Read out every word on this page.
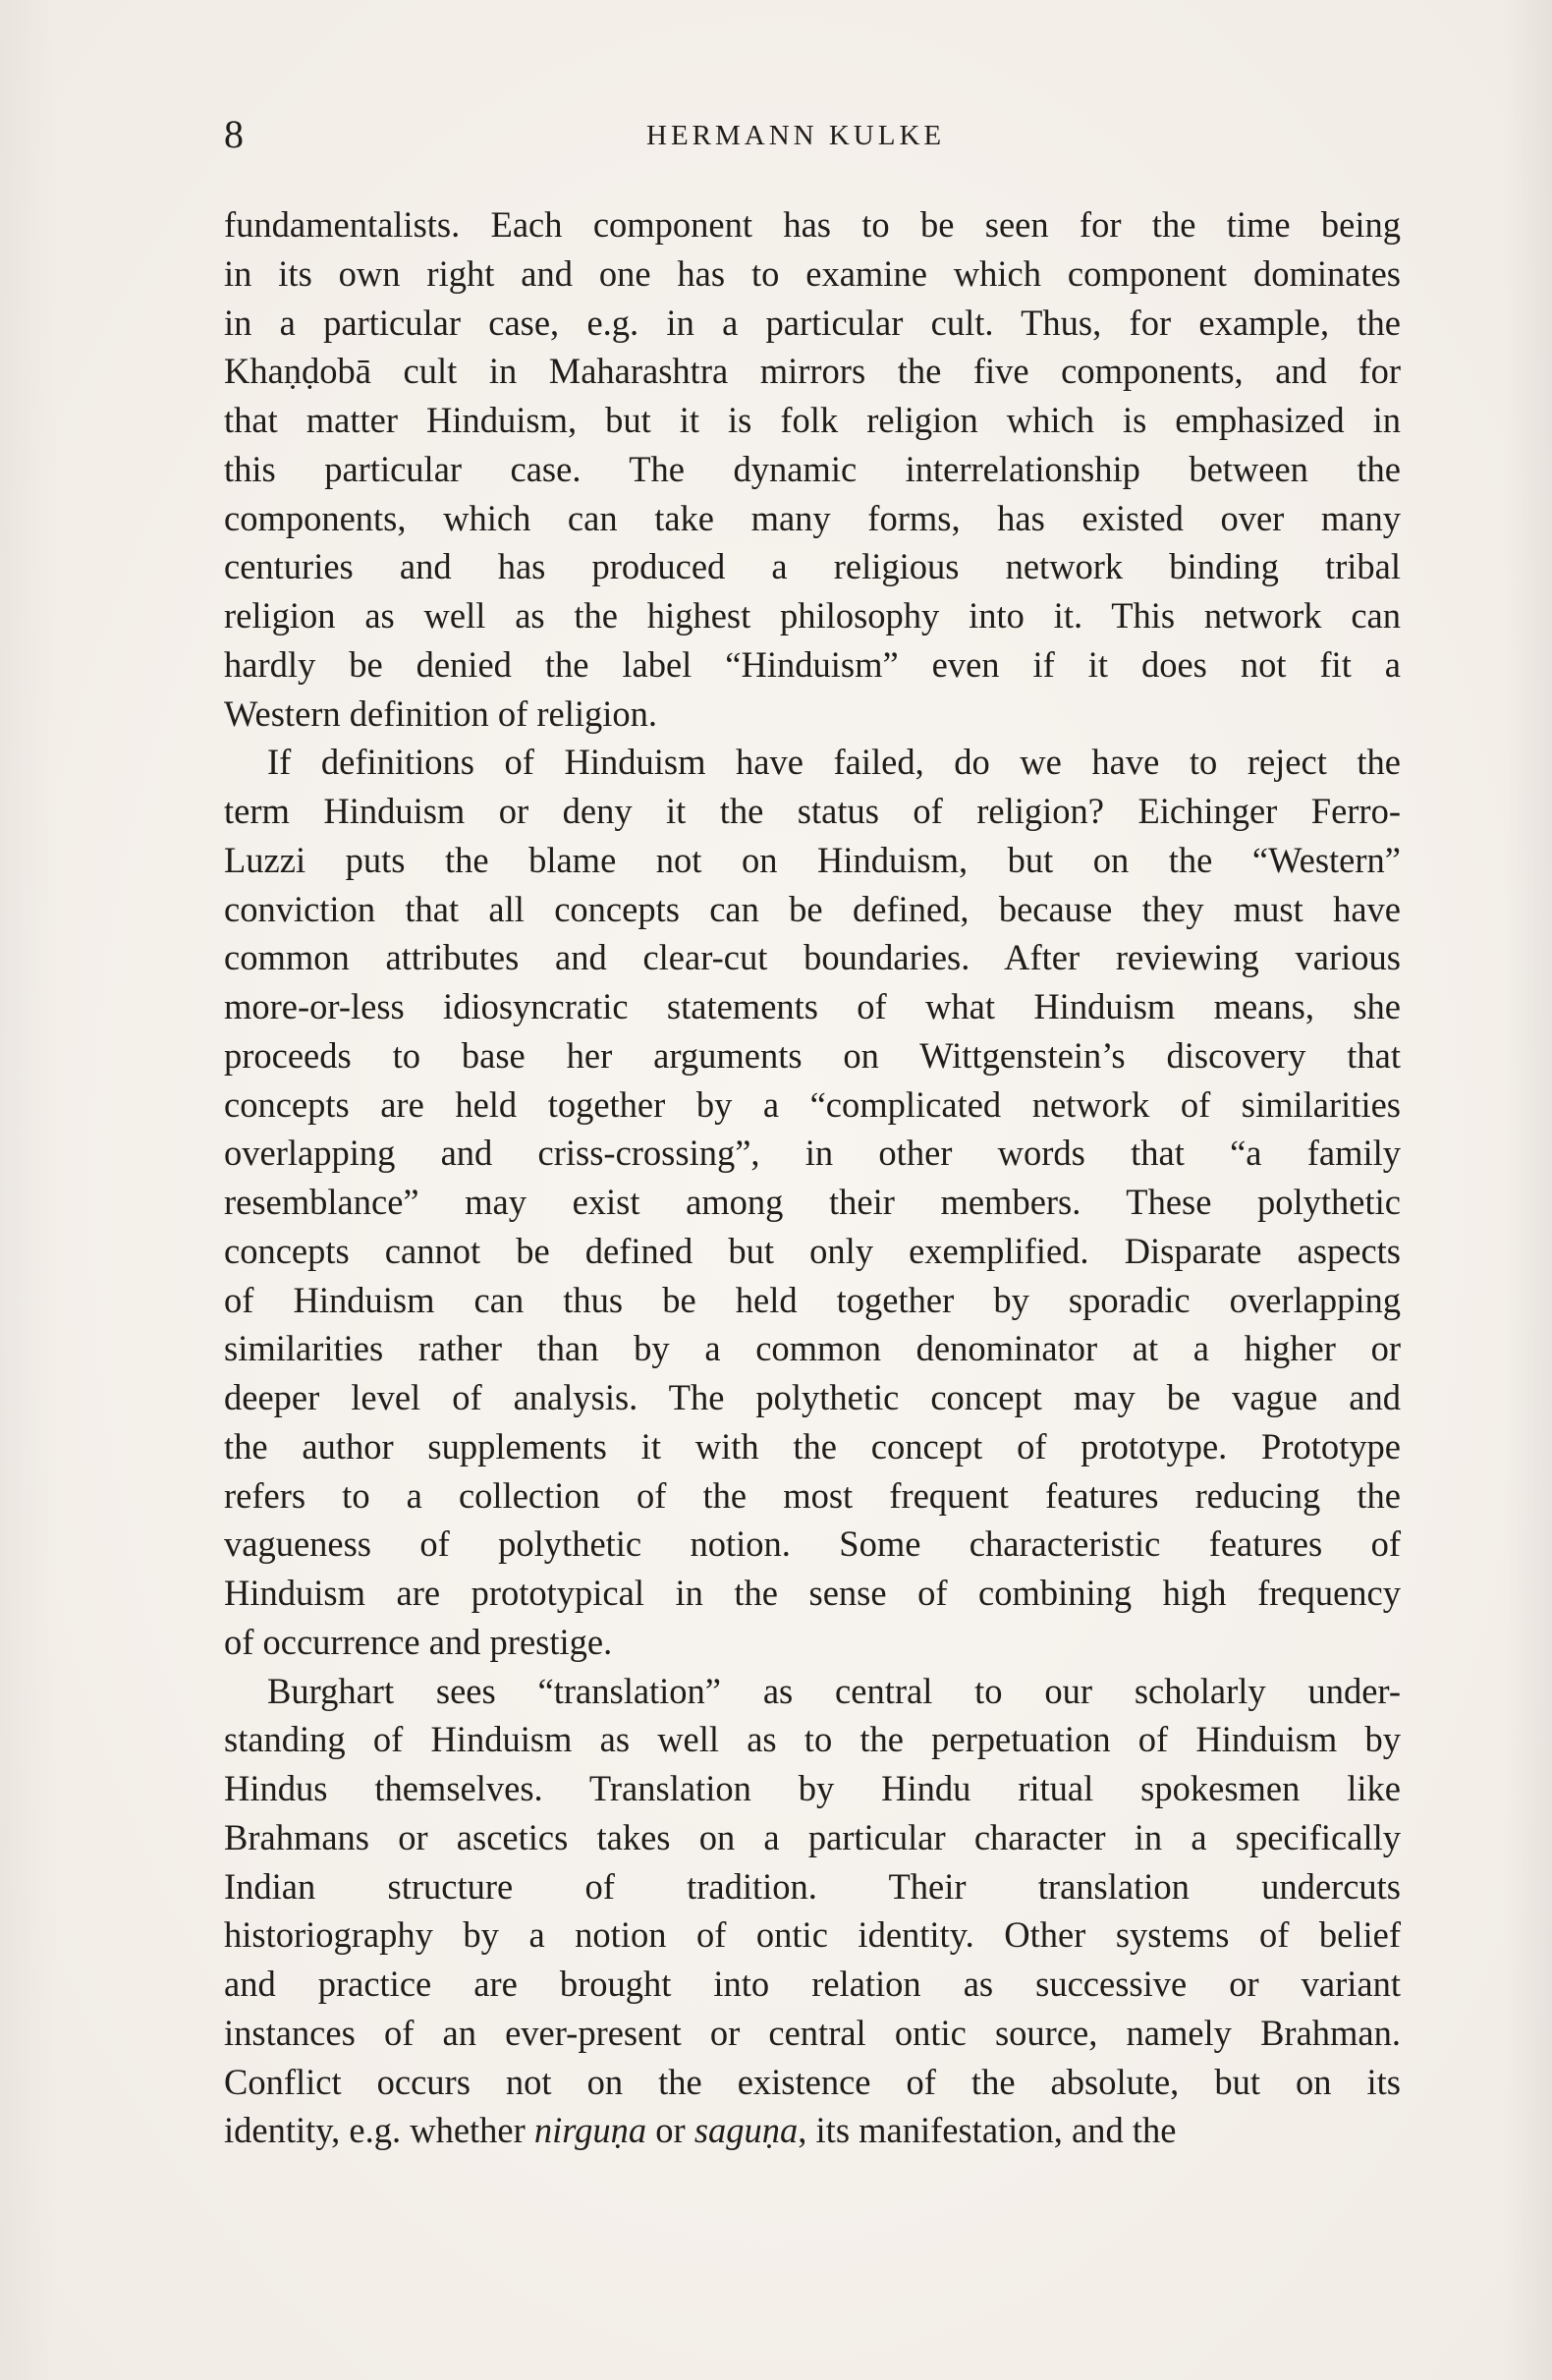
8	HERMANN KULKE
fundamentalists. Each component has to be seen for the time being
in its own right and one has to examine which component dominates
in a particular case, e.g. in a particular cult. Thus, for example, the
Khaṇḍobā cult in Maharashtra mirrors the five components, and for
that matter Hinduism, but it is folk religion which is emphasized in
this particular case. The dynamic interrelationship between the
components, which can take many forms, has existed over many
centuries and has produced a religious network binding tribal
religion as well as the highest philosophy into it. This network can
hardly be denied the label “Hinduism” even if it does not fit a
Western definition of religion.
If definitions of Hinduism have failed, do we have to reject the
term Hinduism or deny it the status of religion? Eichinger Ferro-
Luzzi puts the blame not on Hinduism, but on the “Western”
conviction that all concepts can be defined, because they must have
common attributes and clear-cut boundaries. After reviewing various
more-or-less idiosyncratic statements of what Hinduism means, she
proceeds to base her arguments on Wittgenstein’s discovery that
concepts are held together by a “complicated network of similarities
overlapping and criss-crossing”, in other words that “a family
resemblance” may exist among their members. These polythetic
concepts cannot be defined but only exemplified. Disparate aspects
of Hinduism can thus be held together by sporadic overlapping
similarities rather than by a common denominator at a higher or
deeper level of analysis. The polythetic concept may be vague and
the author supplements it with the concept of prototype. Prototype
refers to a collection of the most frequent features reducing the
vagueness of polythetic notion. Some characteristic features of
Hinduism are prototypical in the sense of combining high frequency
of occurrence and prestige.
Burghart sees “translation” as central to our scholarly under-
standing of Hinduism as well as to the perpetuation of Hinduism by
Hindus themselves. Translation by Hindu ritual spokesmen like
Brahmans or ascetics takes on a particular character in a specifically
Indian structure of tradition. Their translation undercuts
historiography by a notion of ontic identity. Other systems of belief
and practice are brought into relation as successive or variant
instances of an ever-present or central ontic source, namely Brahman.
Conflict occurs not on the existence of the absolute, but on its
identity, e.g. whether nirguṇa or saguṇa, its manifestation, and the
